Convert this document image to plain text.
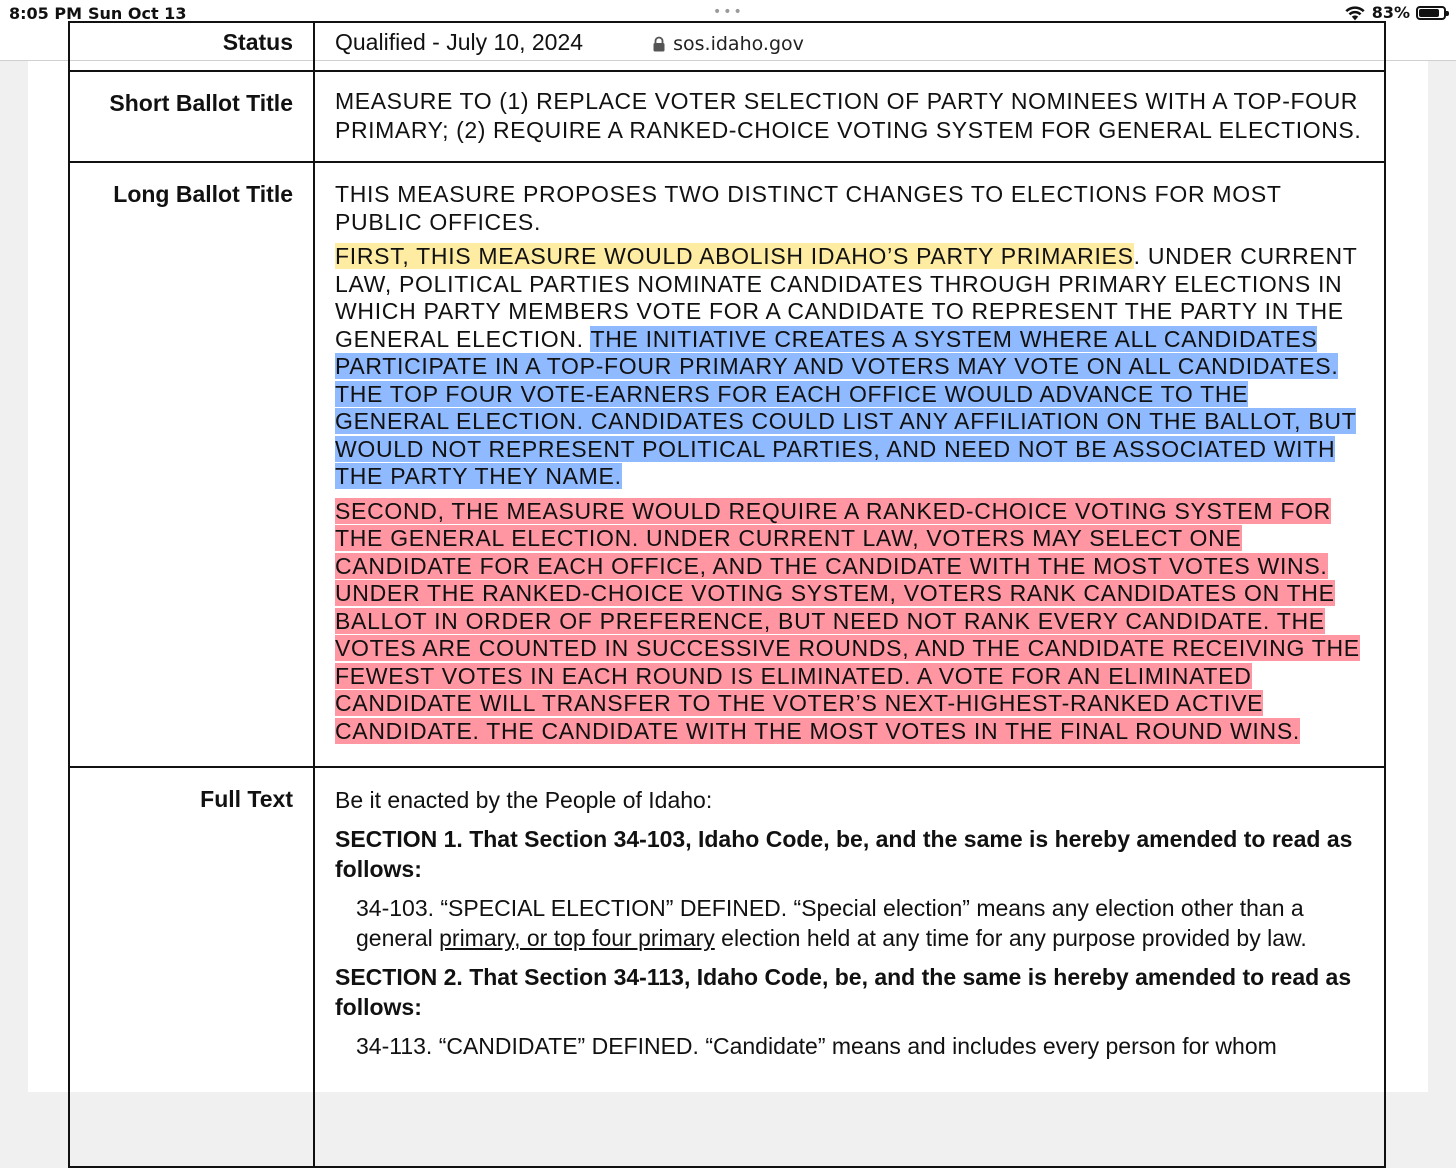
8:05 PM Sun Oct 13	•••	83%
sos.idaho.gov
Status	Qualified - July 10, 2024
Short Ballot Title	MEASURE TO (1) REPLACE VOTER SELECTION OF PARTY NOMINEES WITH A TOP-FOUR PRIMARY; (2) REQUIRE A RANKED-CHOICE VOTING SYSTEM FOR GENERAL ELECTIONS.
Long Ballot Title	THIS MEASURE PROPOSES TWO DISTINCT CHANGES TO ELECTIONS FOR MOST PUBLIC OFFICES.

FIRST, THIS MEASURE WOULD ABOLISH IDAHO’S PARTY PRIMARIES. UNDER CURRENT LAW, POLITICAL PARTIES NOMINATE CANDIDATES THROUGH PRIMARY ELECTIONS IN WHICH PARTY MEMBERS VOTE FOR A CANDIDATE TO REPRESENT THE PARTY IN THE GENERAL ELECTION. THE INITIATIVE CREATES A SYSTEM WHERE ALL CANDIDATES PARTICIPATE IN A TOP-FOUR PRIMARY AND VOTERS MAY VOTE ON ALL CANDIDATES. THE TOP FOUR VOTE-EARNERS FOR EACH OFFICE WOULD ADVANCE TO THE GENERAL ELECTION. CANDIDATES COULD LIST ANY AFFILIATION ON THE BALLOT, BUT WOULD NOT REPRESENT POLITICAL PARTIES, AND NEED NOT BE ASSOCIATED WITH THE PARTY THEY NAME.

SECOND, THE MEASURE WOULD REQUIRE A RANKED-CHOICE VOTING SYSTEM FOR THE GENERAL ELECTION. UNDER CURRENT LAW, VOTERS MAY SELECT ONE CANDIDATE FOR EACH OFFICE, AND THE CANDIDATE WITH THE MOST VOTES WINS. UNDER THE RANKED-CHOICE VOTING SYSTEM, VOTERS RANK CANDIDATES ON THE BALLOT IN ORDER OF PREFERENCE, BUT NEED NOT RANK EVERY CANDIDATE. THE VOTES ARE COUNTED IN SUCCESSIVE ROUNDS, AND THE CANDIDATE RECEIVING THE FEWEST VOTES IN EACH ROUND IS ELIMINATED. A VOTE FOR AN ELIMINATED CANDIDATE WILL TRANSFER TO THE VOTER’S NEXT-HIGHEST-RANKED ACTIVE CANDIDATE. THE CANDIDATE WITH THE MOST VOTES IN THE FINAL ROUND WINS.

Full Text	Be it enacted by the People of Idaho:

SECTION 1. That Section 34-103, Idaho Code, be, and the same is hereby amended to read as follows:

34-103. “SPECIAL ELECTION” DEFINED. “Special election” means any election other than a general primary, or top four primary election held at any time for any purpose provided by law.

SECTION 2. That Section 34-113, Idaho Code, be, and the same is hereby amended to read as follows:

34-113. “CANDIDATE” DEFINED. “Candidate” means and includes every person for whom
